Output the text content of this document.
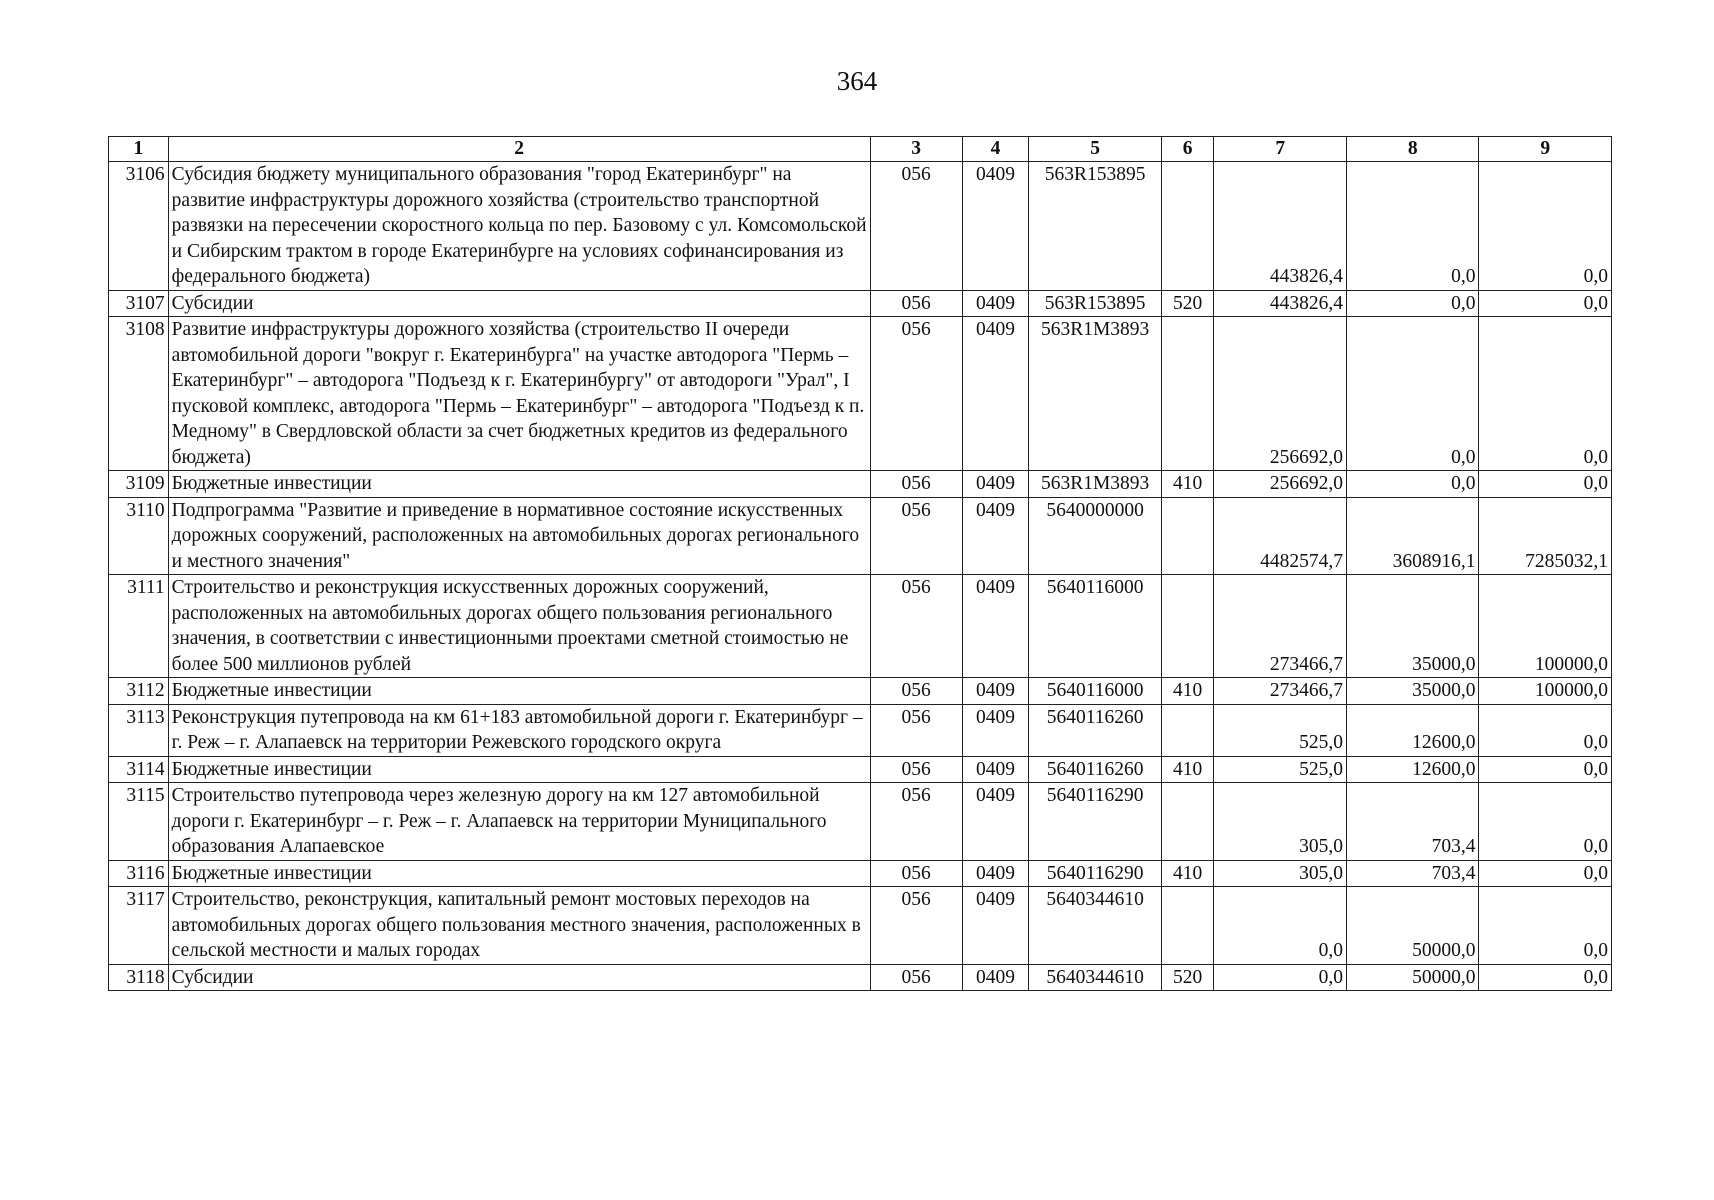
364
1	2	3	4	5	6	7	8	9
3106	Субсидия бюджету муниципального образования "город Екатеринбург" на развитие инфраструктуры дорожного хозяйства (строительство транспортной развязки на пересечении скоростного кольца по пер. Базовому с ул. Комсомольской и Сибирским трактом в городе Екатеринбурге на условиях софинансирования из федерального бюджета)	056	0409	563R153895		443826,4	0,0	0,0
3107	Субсидии	056	0409	563R153895	520	443826,4	0,0	0,0
3108	Развитие инфраструктуры дорожного хозяйства (строительство II очереди автомобильной дороги "вокруг г. Екатеринбурга" на участке автодорога "Пермь – Екатеринбург" – автодорога "Подъезд к г. Екатеринбургу" от автодороги "Урал", I пусковой комплекс, автодорога "Пермь – Екатеринбург" – автодорога "Подъезд к п. Медному" в Свердловской области за счет бюджетных кредитов из федерального бюджета)	056	0409	563R1M3893		256692,0	0,0	0,0
3109	Бюджетные инвестиции	056	0409	563R1M3893	410	256692,0	0,0	0,0
3110	Подпрограмма "Развитие и приведение в нормативное состояние искусственных дорожных сооружений, расположенных на автомобильных дорогах регионального и местного значения"	056	0409	5640000000		4482574,7	3608916,1	7285032,1
3111	Строительство и реконструкция искусственных дорожных сооружений, расположенных на автомобильных дорогах общего пользования регионального значения, в соответствии с инвестиционными проектами сметной стоимостью не более 500 миллионов рублей	056	0409	5640116000		273466,7	35000,0	100000,0
3112	Бюджетные инвестиции	056	0409	5640116000	410	273466,7	35000,0	100000,0
3113	Реконструкция путепровода на км 61+183 автомобильной дороги г. Екатеринбург – г. Реж – г. Алапаевск на территории Режевского городского округа	056	0409	5640116260		525,0	12600,0	0,0
3114	Бюджетные инвестиции	056	0409	5640116260	410	525,0	12600,0	0,0
3115	Строительство путепровода через железную дорогу на км 127 автомобильной дороги г. Екатеринбург – г. Реж – г. Алапаевск на территории Муниципального образования Алапаевское	056	0409	5640116290		305,0	703,4	0,0
3116	Бюджетные инвестиции	056	0409	5640116290	410	305,0	703,4	0,0
3117	Строительство, реконструкция, капитальный ремонт мостовых переходов на автомобильных дорогах общего пользования местного значения, расположенных в сельской местности и малых городах	056	0409	5640344610		0,0	50000,0	0,0
3118	Субсидии	056	0409	5640344610	520	0,0	50000,0	0,0
